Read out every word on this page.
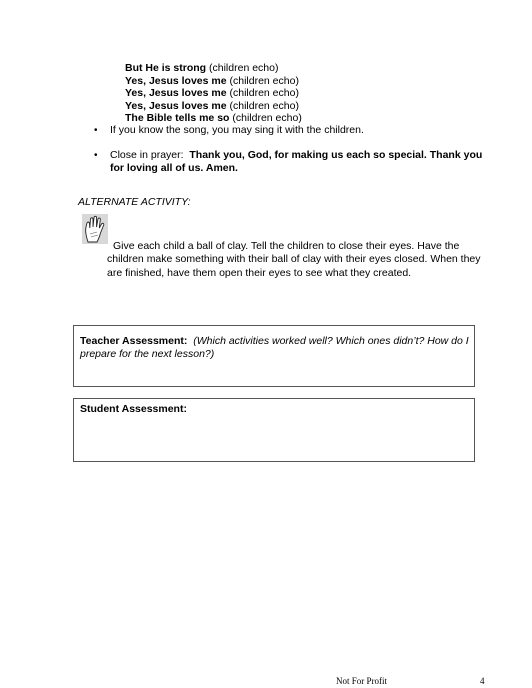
But He is strong (children echo)
Yes, Jesus loves me (children echo)
Yes, Jesus loves me (children echo)
Yes, Jesus loves me (children echo)
The Bible tells me so (children echo)
• If you know the song, you may sing it with the children.
• Close in prayer: Thank you, God, for making us each so special. Thank you
for loving all of us. Amen.
ALTERNATE ACTIVITY:
Give each child a ball of clay. Tell the children to close their eyes. Have the
children make something with their ball of clay with their eyes closed. When they
are finished, have them open their eyes to see what they created.
Teacher Assessment: (Which activities worked well? Which ones didn’t? How do I
prepare for the next lesson?)
Student Assessment:
Not For Profit	4
